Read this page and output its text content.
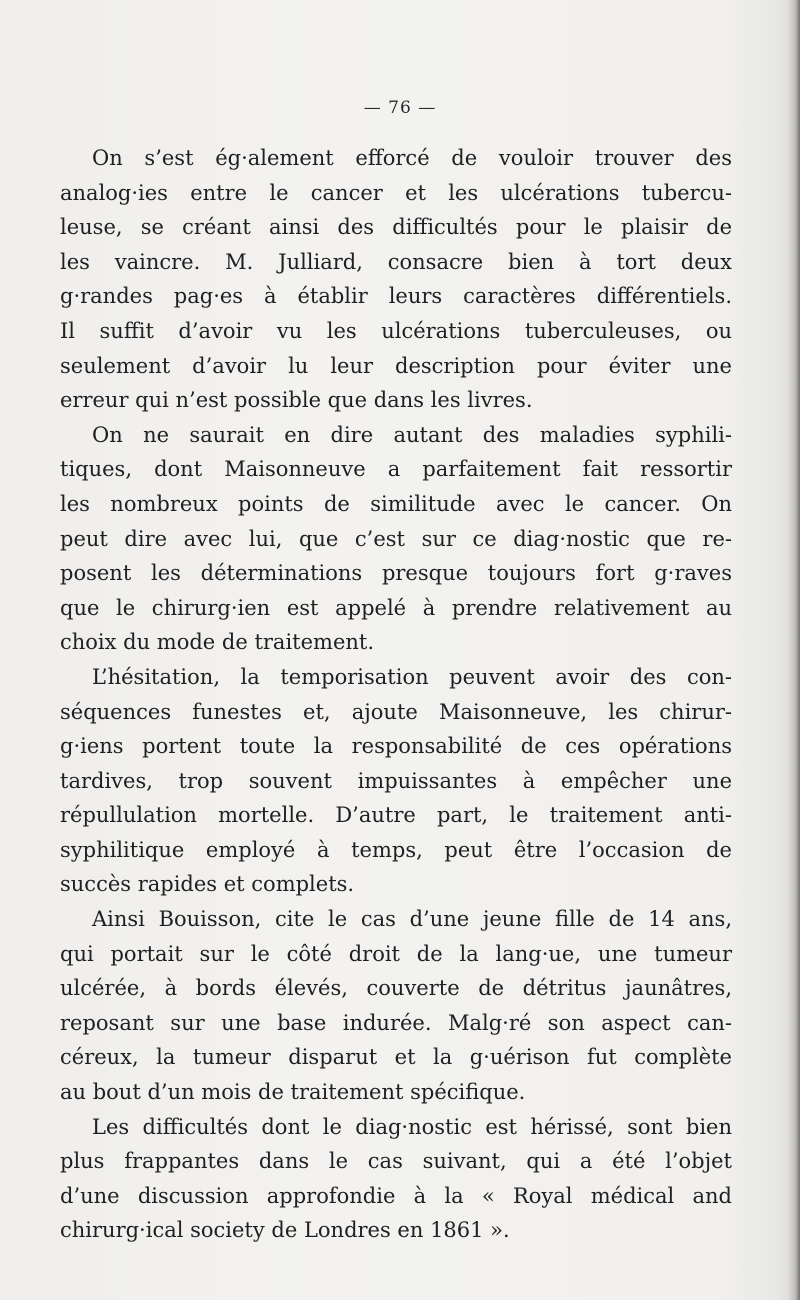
— 76 —
On s’est ég·alement efforcé de vouloir trouver des
analog·ies entre le cancer et les ulcérations tubercu-
leuse, se créant ainsi des difficultés pour le plaisir de
les vaincre. M. Julliard, consacre bien à tort deux
g·randes pag·es à établir leurs caractères différentiels.
Il suffit d’avoir vu les ulcérations tuberculeuses, ou
seulement d’avoir lu leur description pour éviter une
erreur qui n’est possible que dans les livres.
On ne saurait en dire autant des maladies syphili-
tiques, dont Maisonneuve a parfaitement fait ressortir
les nombreux points de similitude avec le cancer. On
peut dire avec lui, que c’est sur ce diag·nostic que re-
posent les déterminations presque toujours fort g·raves
que le chirurg·ien est appelé à prendre relativement au
choix du mode de traitement.
L’hésitation, la temporisation peuvent avoir des con-
séquences funestes et, ajoute Maisonneuve, les chirur-
g·iens portent toute la responsabilité de ces opérations
tardives, trop souvent impuissantes à empêcher une
répullulation mortelle. D’autre part, le traitement anti-
syphilitique employé à temps, peut être l’occasion de
succès rapides et complets.
Ainsi Bouisson, cite le cas d’une jeune fille de 14 ans,
qui portait sur le côté droit de la lang·ue, une tumeur
ulcérée, à bords élevés, couverte de détritus jaunâtres,
reposant sur une base indurée. Malg·ré son aspect can-
céreux, la tumeur disparut et la g·uérison fut complète
au bout d’un mois de traitement spécifique.
Les difficultés dont le diag·nostic est hérissé, sont bien
plus frappantes dans le cas suivant, qui a été l’objet
d’une discussion approfondie à la « Royal médical and
chirurg·ical society de Londres en 1861 ».
